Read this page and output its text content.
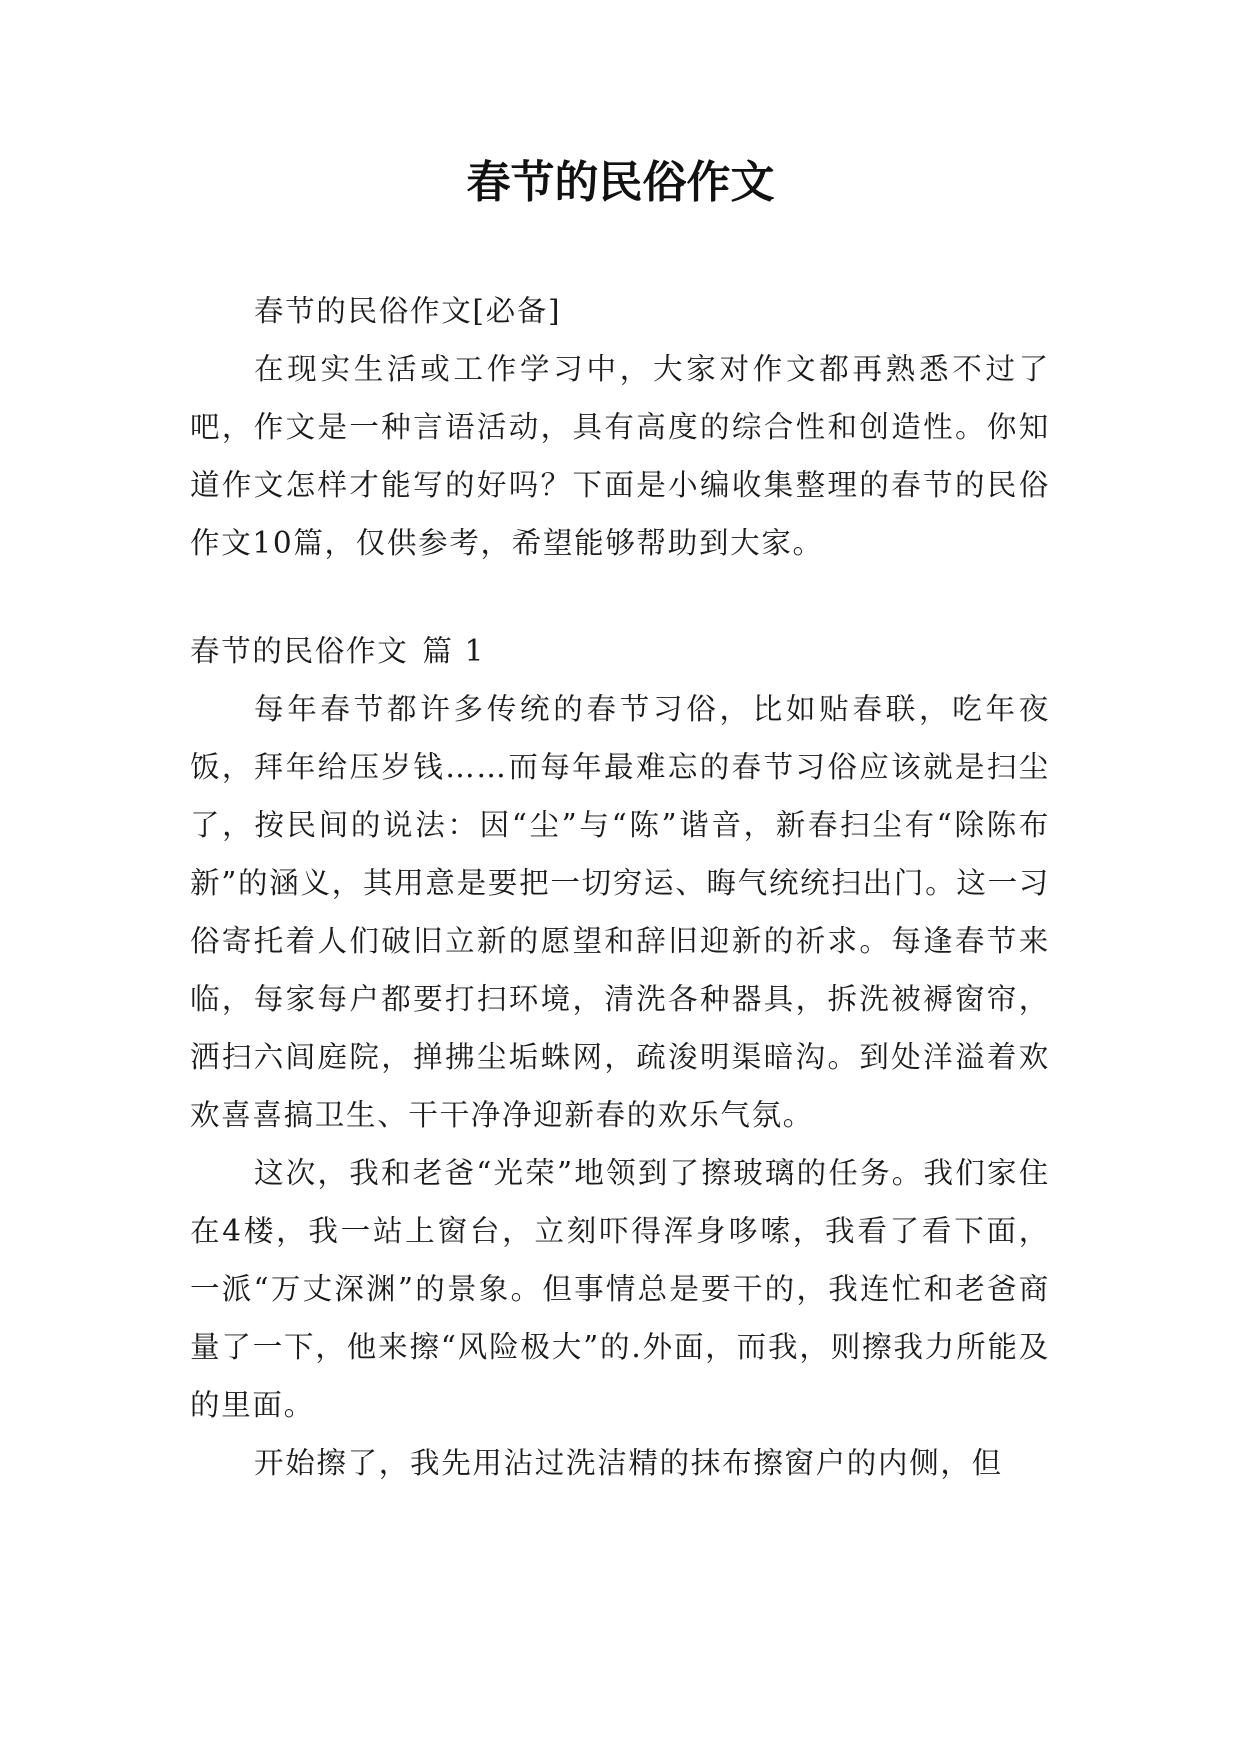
春节的民俗作文

春节的民俗作文[必备]

在现实生活或工作学习中，大家对作文都再熟悉不过了吧，作文是一种言语活动，具有高度的综合性和创造性。你知道作文怎样才能写的好吗？下面是小编收集整理的春节的民俗作文10篇，仅供参考，希望能够帮助到大家。

春节的民俗作文 篇 1

每年春节都许多传统的春节习俗，比如贴春联，吃年夜饭，拜年给压岁钱……而每年最难忘的春节习俗应该就是扫尘了，按民间的说法：因“尘”与“陈”谐音，新春扫尘有“除陈布新”的涵义，其用意是要把一切穷运、晦气统统扫出门。这一习俗寄托着人们破旧立新的愿望和辞旧迎新的祈求。每逢春节来临，每家每户都要打扫环境，清洗各种器具，拆洗被褥窗帘，洒扫六闾庭院，掸拂尘垢蛛网，疏浚明渠暗沟。到处洋溢着欢欢喜喜搞卫生、干干净净迎新春的欢乐气氛。

这次，我和老爸“光荣”地领到了擦玻璃的任务。我们家住在4楼，我一站上窗台，立刻吓得浑身哆嗦，我看了看下面，一派“万丈深渊”的景象。但事情总是要干的，我连忙和老爸商量了一下，他来擦“风险极大”的.外面，而我，则擦我力所能及的里面。

开始擦了，我先用沾过洗洁精的抹布擦窗户的内侧，但
